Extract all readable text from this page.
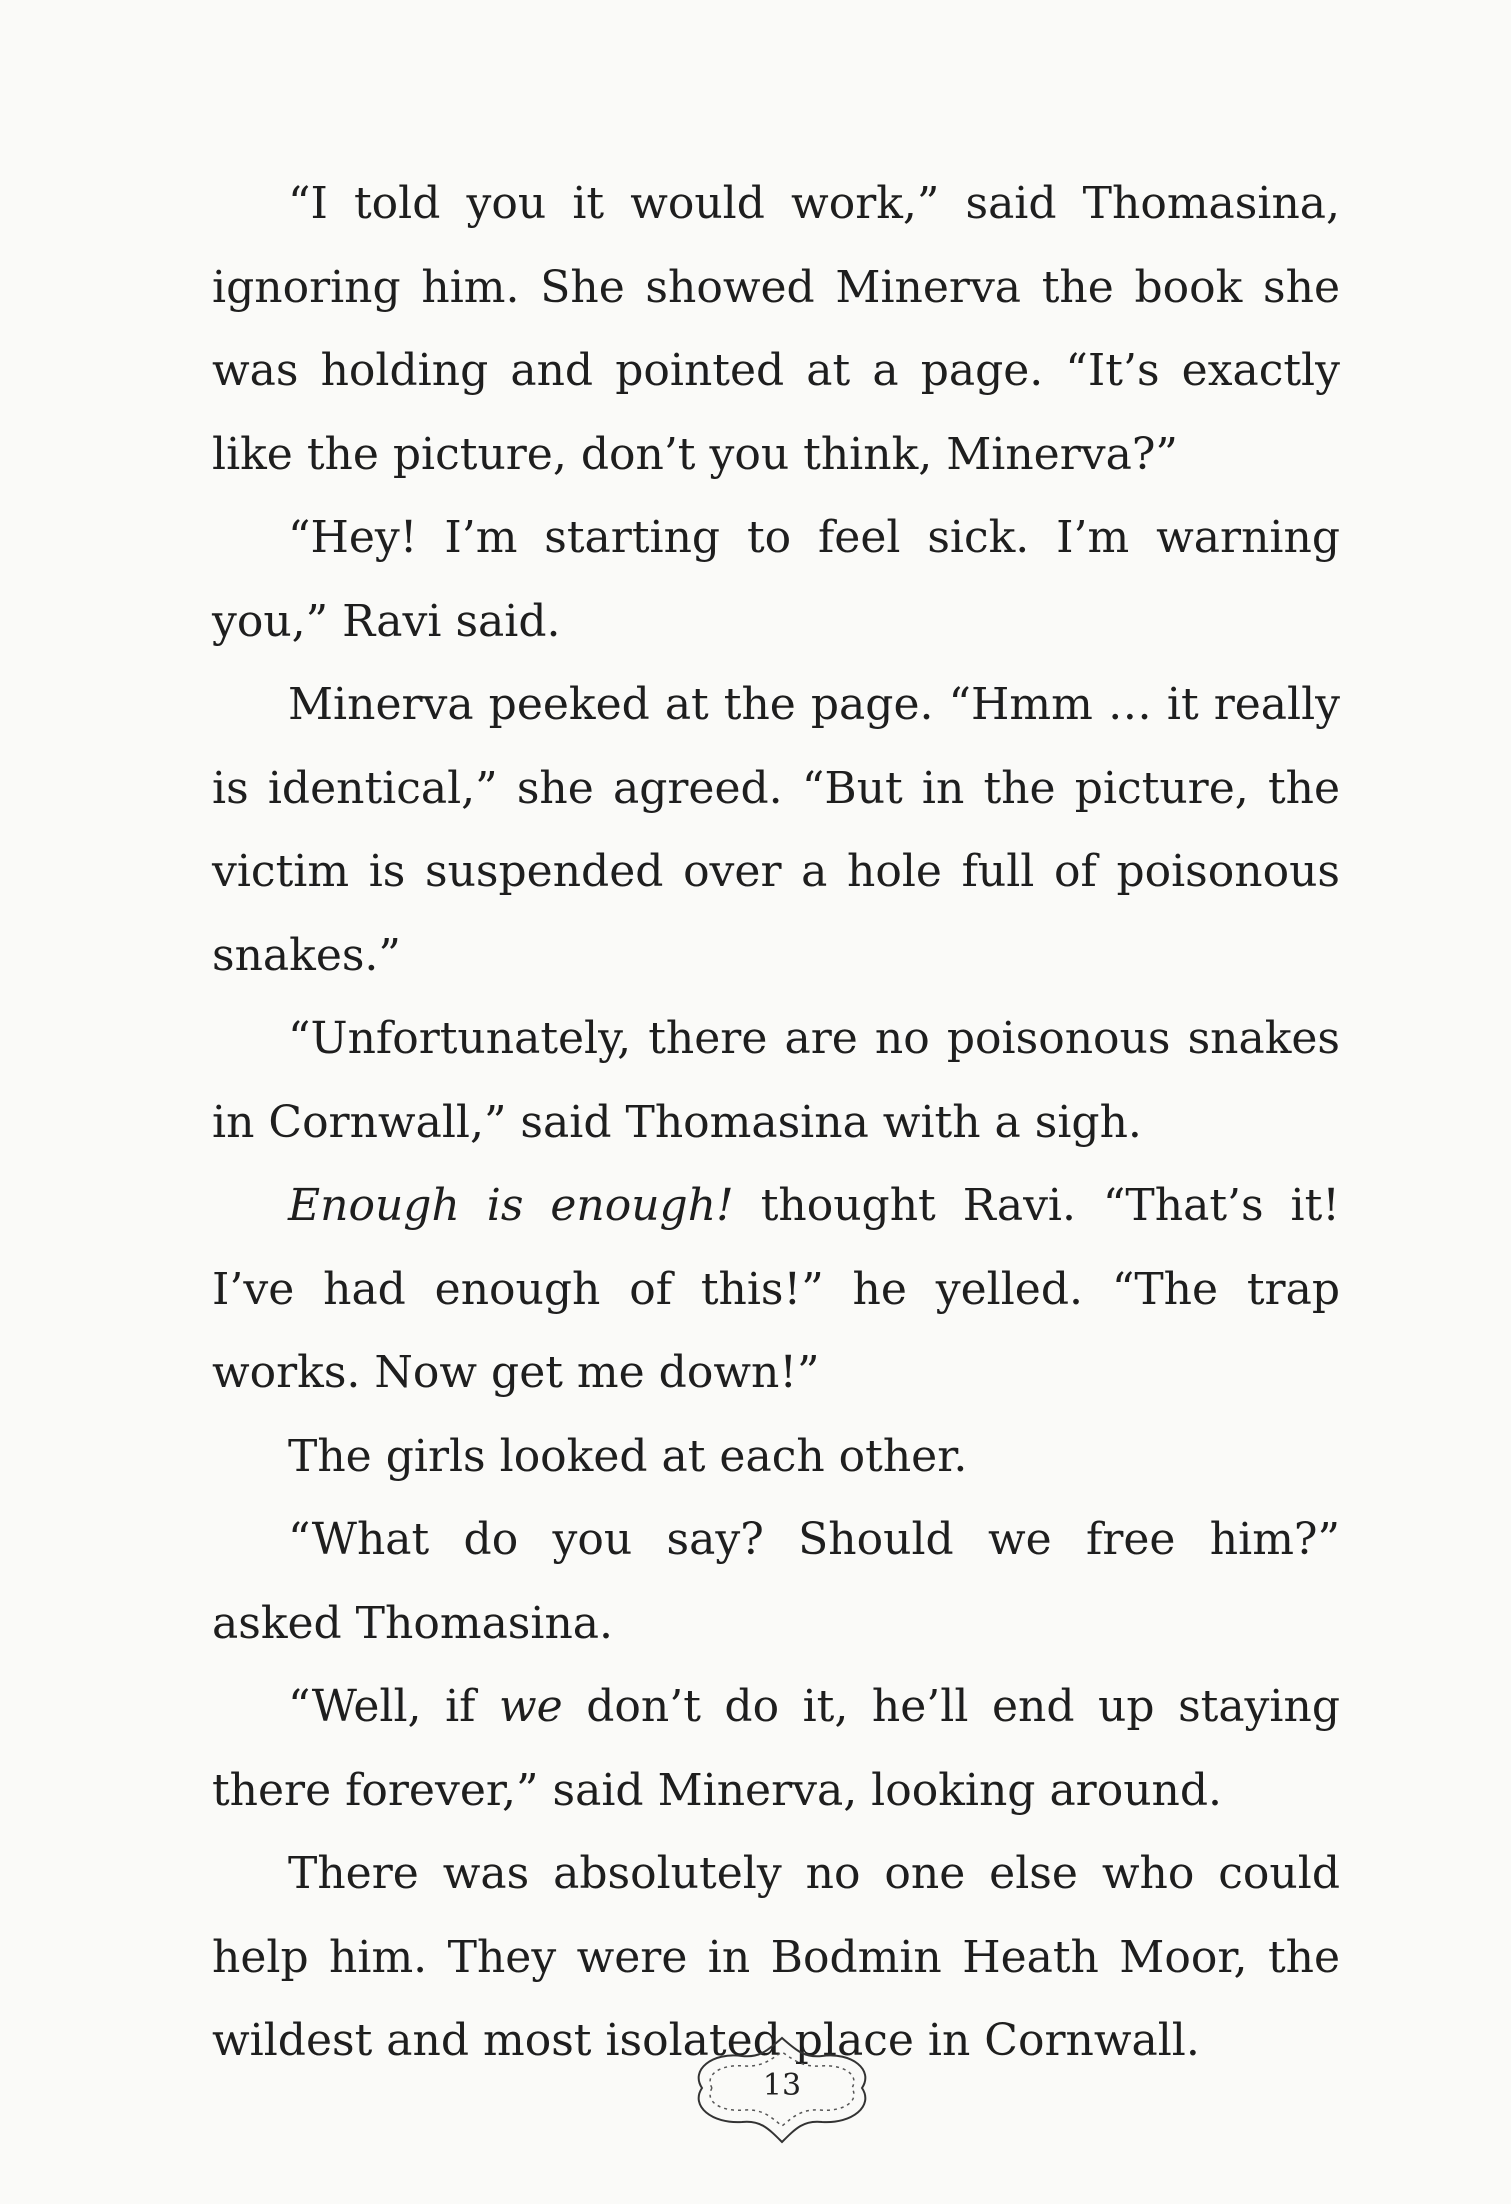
“I told you it would work,” said Thomasina, ignoring him. She showed Minerva the book she was holding and pointed at a page. “It’s exactly like the picture, don’t you think, Minerva?”

“Hey! I’m starting to feel sick. I’m warning you,” Ravi said.

Minerva peeked at the page. “Hmm … it really is identical,” she agreed. “But in the picture, the victim is suspended over a hole full of poisonous snakes.”

“Unfortunately, there are no poisonous snakes in Cornwall,” said Thomasina with a sigh.

Enough is enough! thought Ravi. “That’s it! I’ve had enough of this!” he yelled. “The trap works. Now get me down!”

The girls looked at each other.

“What do you say? Should we free him?” asked Thomasina.

“Well, if we don’t do it, he’ll end up staying there forever,” said Minerva, looking around.

There was absolutely no one else who could help him. They were in Bodmin Heath Moor, the wildest and most isolated place in Cornwall.

13
